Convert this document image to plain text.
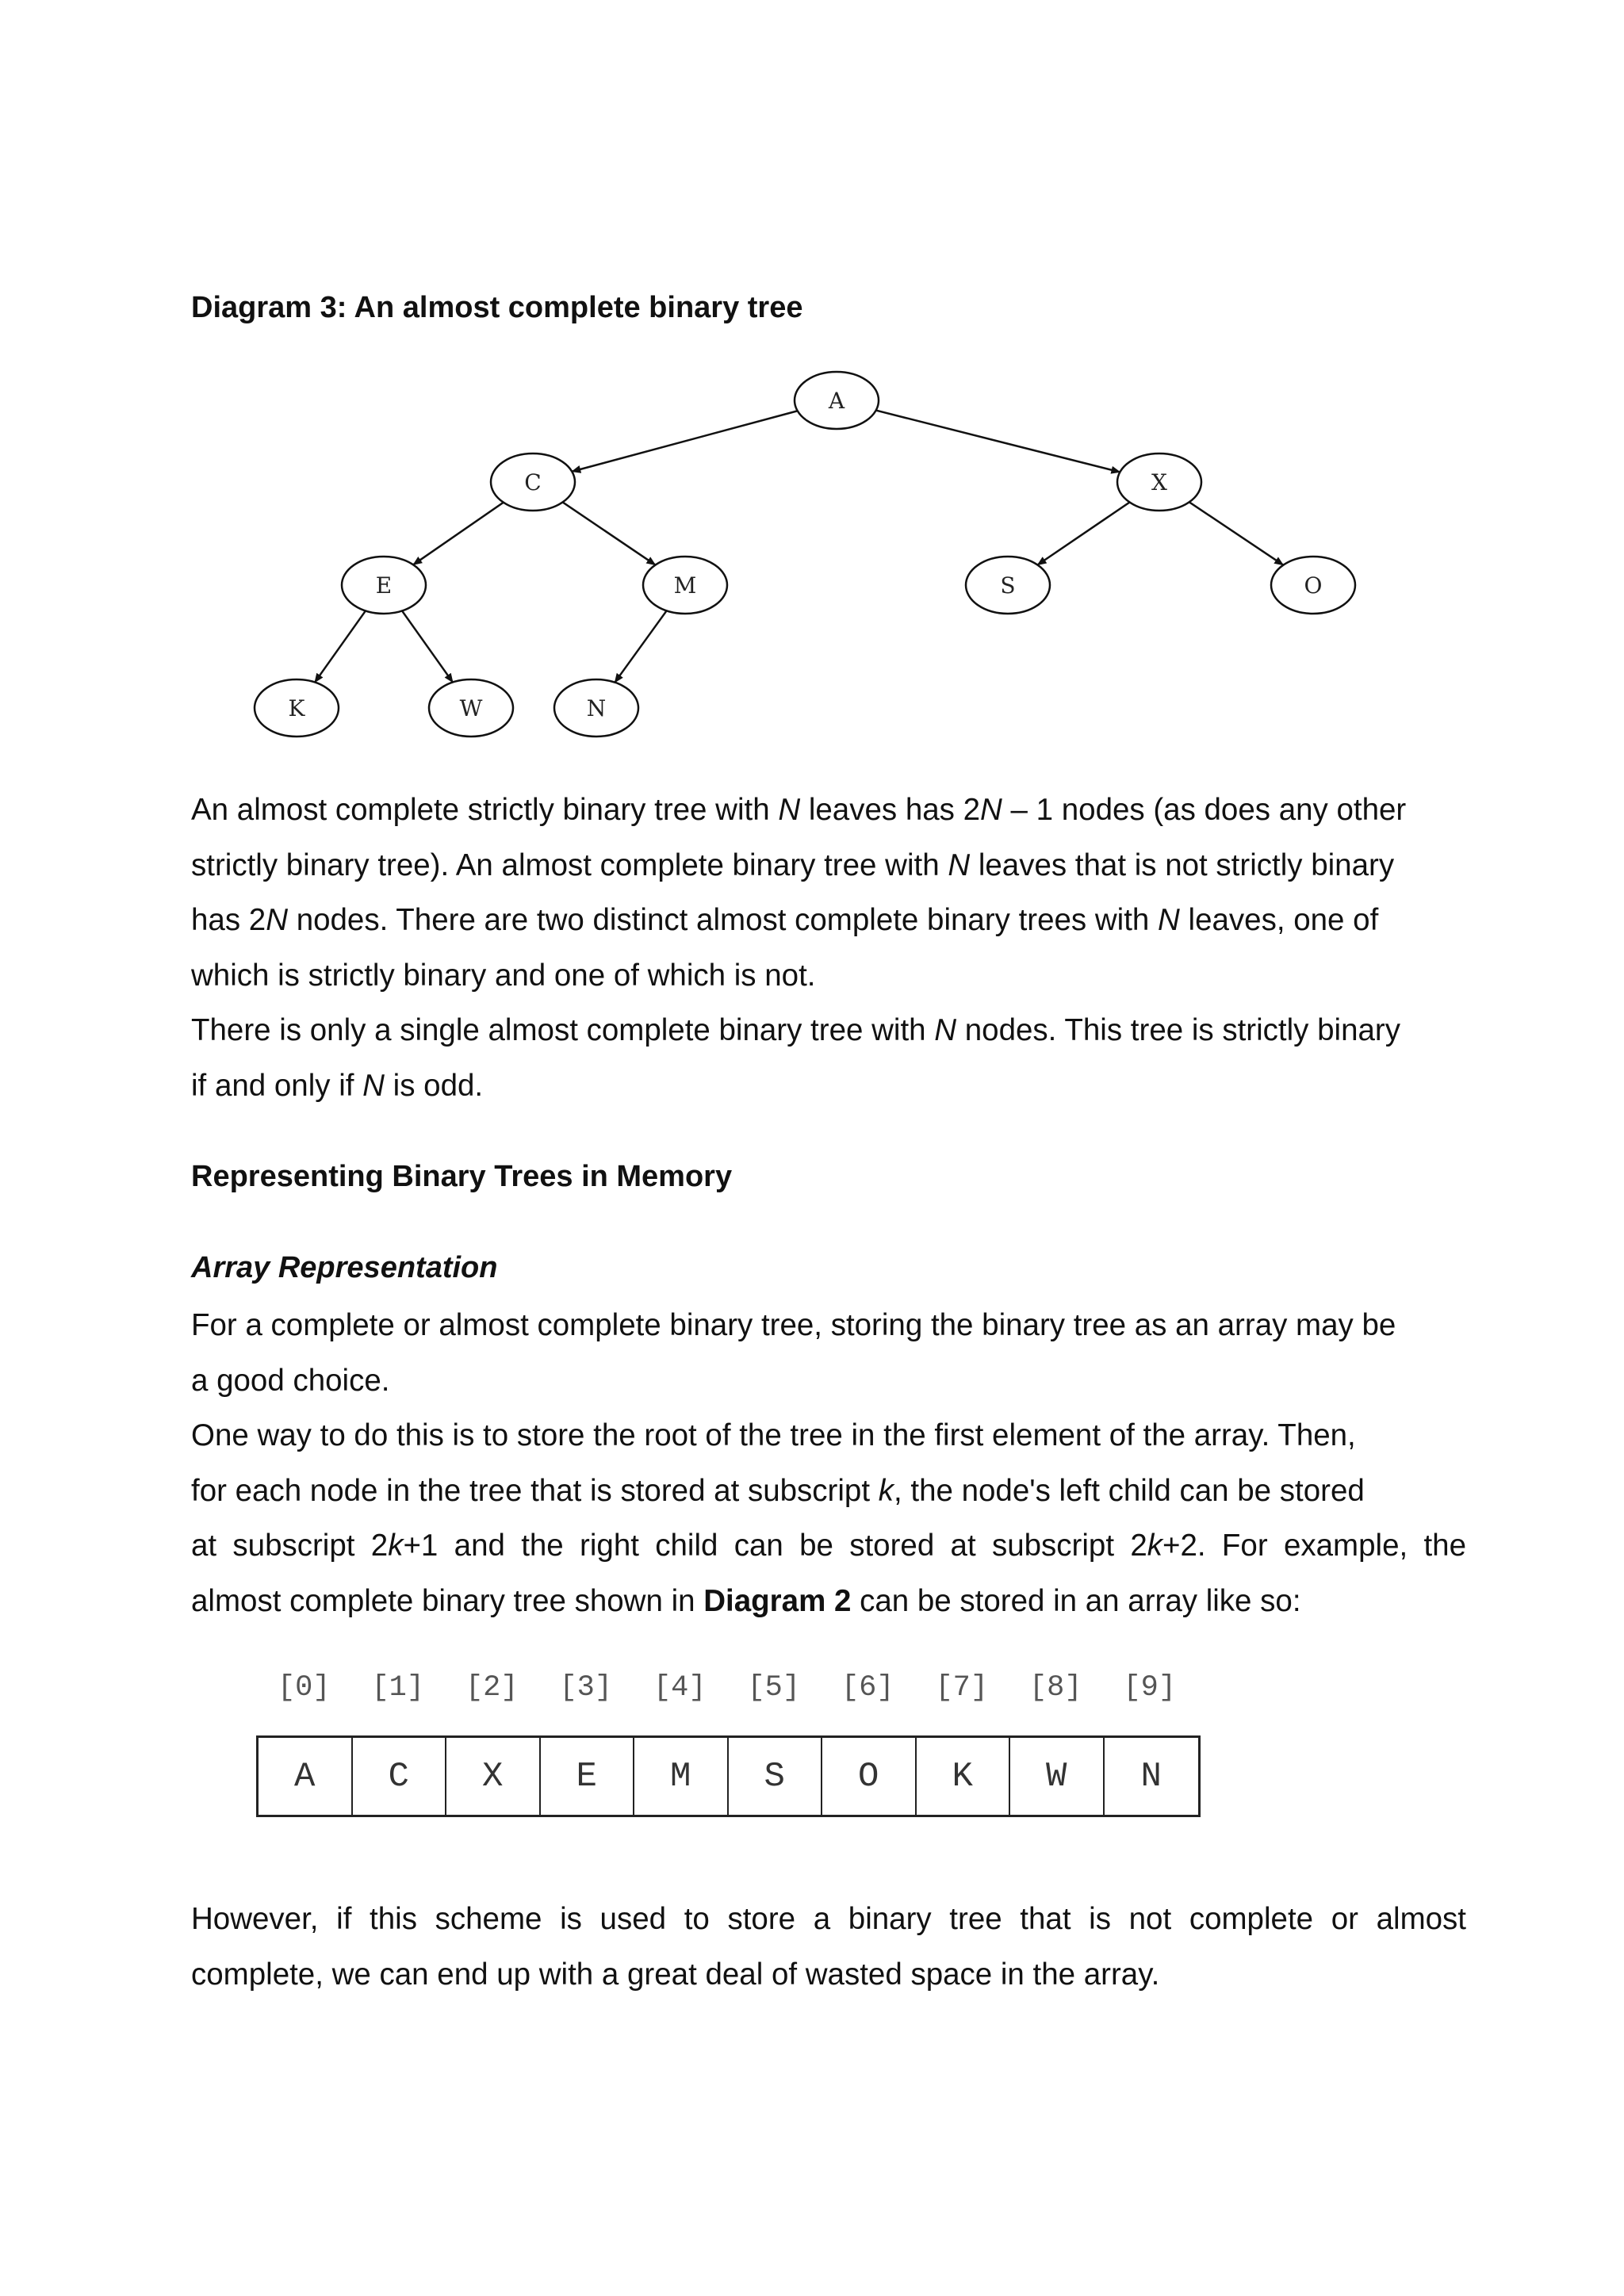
Diagram 3: An almost complete binary tree
A
C	X
E	M	S	O
K	W	N
An almost complete strictly binary tree with N leaves has 2N – 1 nodes (as does any other
strictly binary tree). An almost complete binary tree with N leaves that is not strictly binary
has 2N nodes. There are two distinct almost complete binary trees with N leaves, one of
which is strictly binary and one of which is not.
There is only a single almost complete binary tree with N nodes. This tree is strictly binary
if and only if N is odd.
Representing Binary Trees in Memory
Array Representation
For a complete or almost complete binary tree, storing the binary tree as an array may be
a good choice.
One way to do this is to store the root of the tree in the first element of the array. Then,
for each node in the tree that is stored at subscript k, the node's left child can be stored
at subscript 2k+1 and the right child can be stored at subscript 2k+2. For example, the
almost complete binary tree shown in Diagram 2 can be stored in an array like so:
[0]	[1]	[2]	[3]	[4]	[5]	[6]	[7]	[8]	[9]
A	C	X	E	M	S	O	K	W	N
However, if this scheme is used to store a binary tree that is not complete or almost
complete, we can end up with a great deal of wasted space in the array.
